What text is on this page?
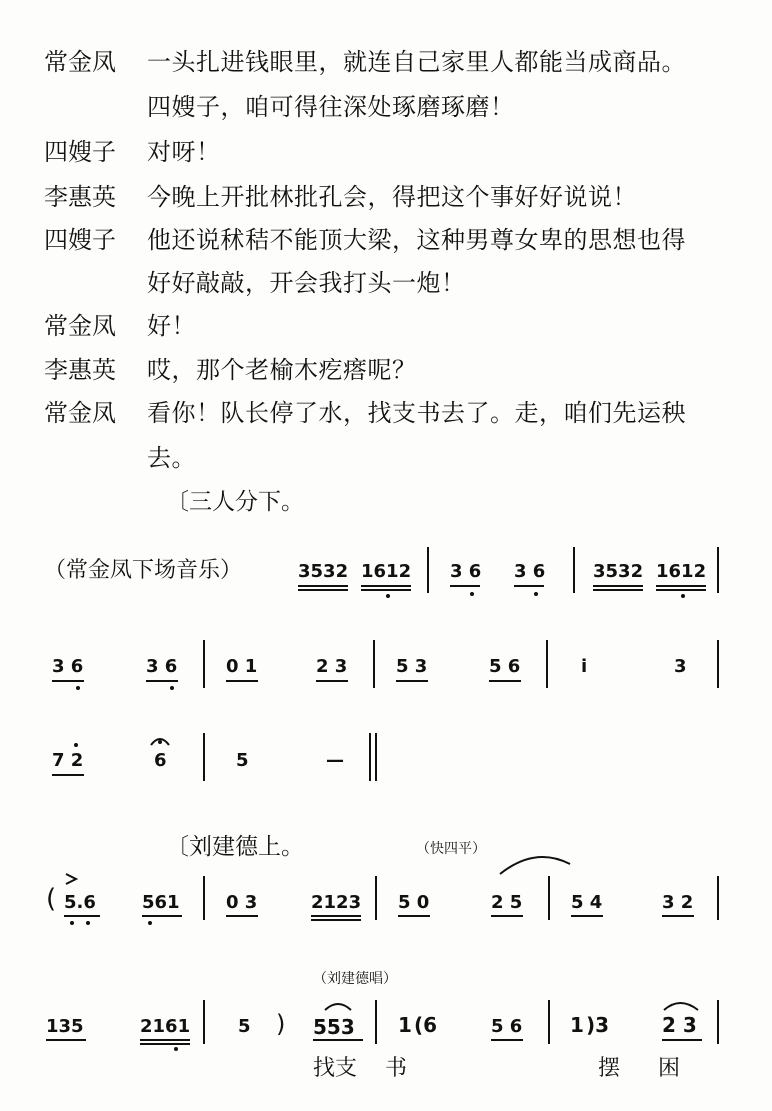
常金凤 一头扎进钱眼里，就连自己家里人都能当成商品。
四嫂子，咱可得往深处琢磨琢磨！
四嫂子 对呀！
李惠英 今晚上开批林批孔会，得把这个事好好说说！
四嫂子 他还说秫秸不能顶大梁，这种男尊女卑的思想也得
好好敲敲，开会我打头一炮！
常金凤 好！
李惠英 哎，那个老榆木疙瘩呢？
常金凤 看你！队长停了水，找支书去了。走，咱们先运秧
去。
〔三人分下。
（常金凤下场音乐）	3532 1612 3 6 3 6	3532 1612
3 6	3 6	0 1	2 3	5 3	5 6	i	3
7 2	6	5	—
〔刘建德上。	（快四平）
( 5.6	561	0 3	2123 5 0	2 5	5 4	3 2
（刘建德唱）
135	2161	5 ) 553 1 (6	5 6 1 )3	2 3
找支 书	摆 困
